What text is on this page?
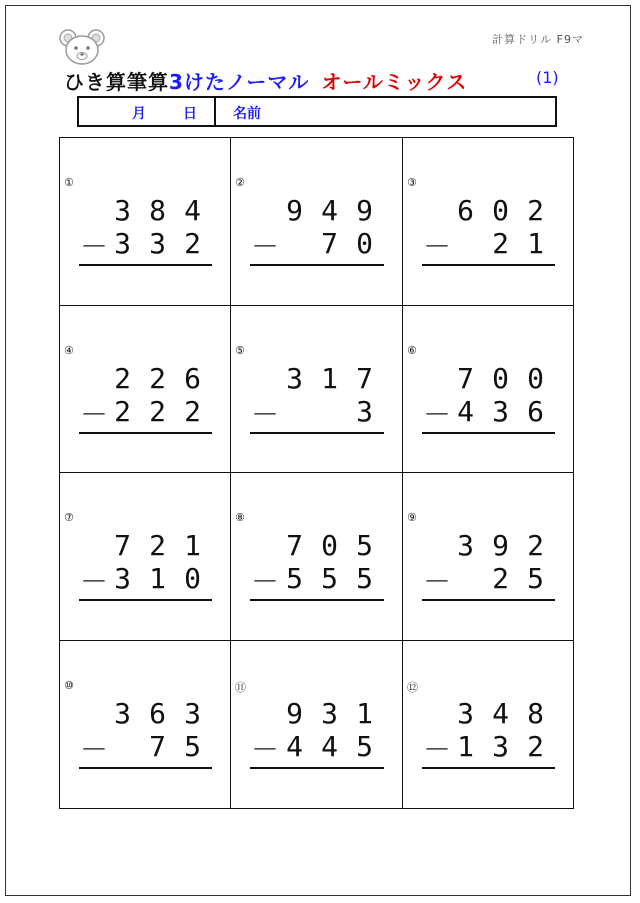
計算ドリル F9マ
ひき算筆算3けたノーマル オールミックス	(1)
月	日	名前
①
3 8 4
－ 3 3 2
②
9 4 9
－	7 0
③
6 0 2
－	2 1
④
2 2 6
－ 2 2 2
⑤
3 1 7
－	3
⑥
7 0 0
－ 4 3 6
⑦
7 2 1
－ 3 1 0
⑧
7 0 5
－ 5 5 5
⑨
3 9 2
－	2 5
⑩
3 6 3
－	7 5
⑪
9 3 1
－ 4 4 5
⑫
3 4 8
－ 1 3 2
